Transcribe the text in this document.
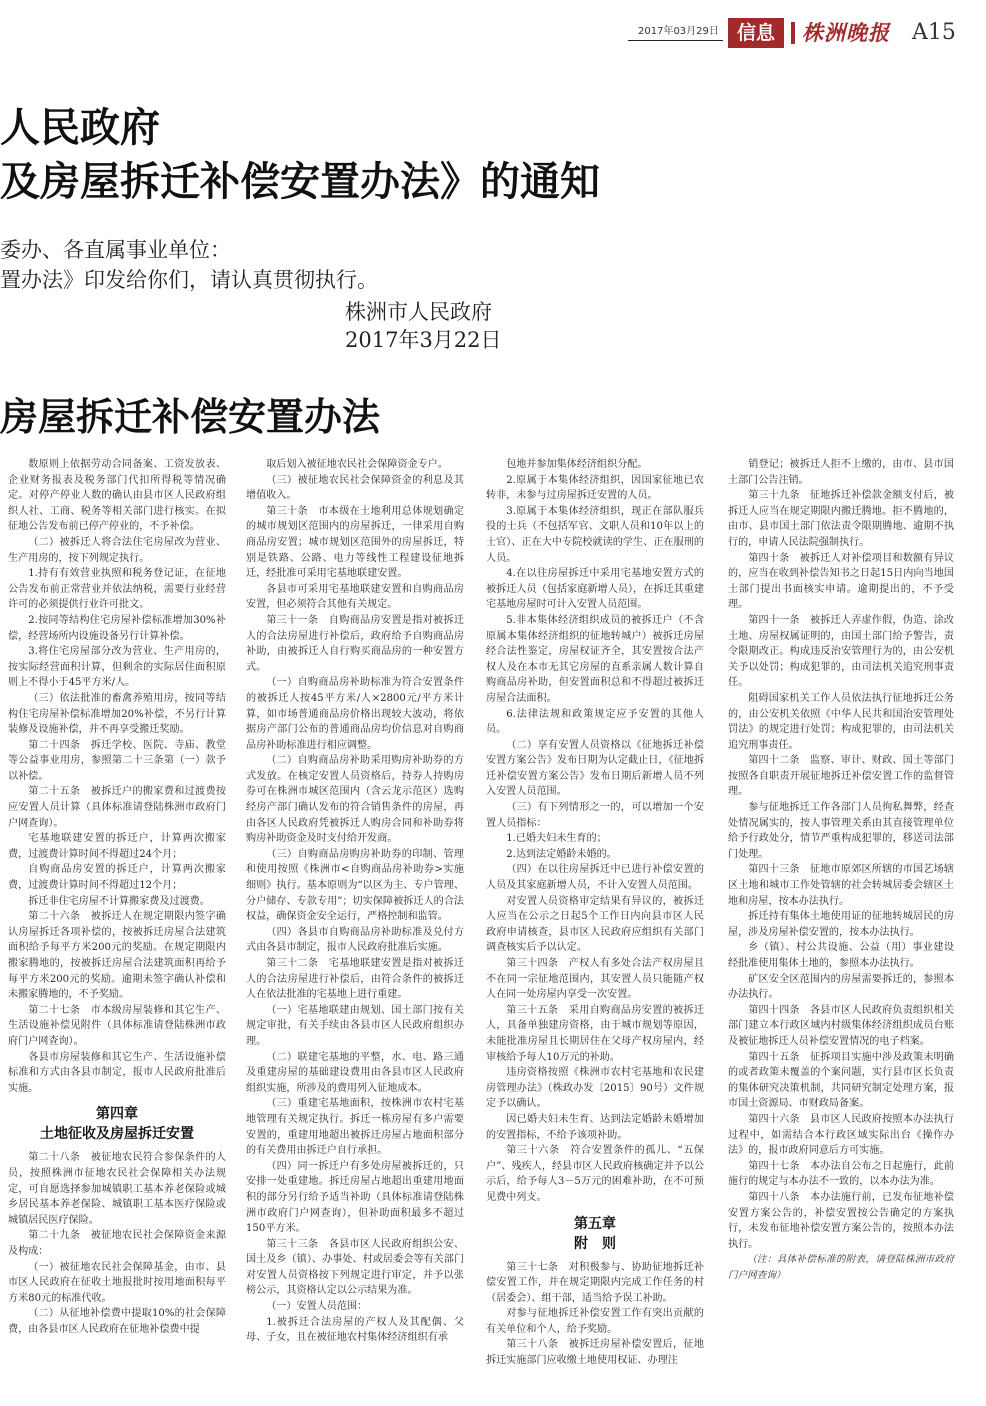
2017年03月29日 信息	株洲晚报 A15
人民政府
及房屋拆迁补偿安置办法》的通知
委办、各直属事业单位：
置办法》印发给你们，请认真贯彻执行。
株洲市人民政府
2017年3月22日
房屋拆迁补偿安置办法

数原则上依据劳动合同备案、工资发放表、企业财务报表及税务部门代扣所得税等情况确定。对停产停业人数的确认由县市区人民政府组织人社、工商、税务等相关部门进行核实。在拟征地公告发布前已停产停业的，不予补偿。

（二）被拆迁人将合法住宅房屋改为营业、生产用房的，按下列规定执行。

1.持有有效营业执照和税务登记证，在征地公告发布前正常营业并依法纳税，需要行业经营许可的必须提供行业许可批文。

2.按同等结构住宅房屋补偿标准增加30%补偿，经营场所内设施设备另行计算补偿。

3.将住宅房屋部分改为营业、生产用房的，按实际经营面积计算，但剩余的实际居住面积原则上不得小于45平方米/人。

（三）依法批准的畜禽养殖用房，按同等结构住宅房屋补偿标准增加20%补偿，不另行计算装修及设施补偿，并不再享受搬迁奖励。

第二十四条　拆迁学校、医院、寺庙、教堂等公益事业用房，参照第二十三条第（一）款予以补偿。

第二十五条　被拆迁户的搬家费和过渡费按应安置人员计算（具体标准请登陆株洲市政府门户网查询）。

宅基地联建安置的拆迁户，计算两次搬家费，过渡费计算时间不得超过24个月；

自购商品房安置的拆迁户，计算两次搬家费，过渡费计算时间不得超过12个月；

拆迁非住宅房屋不计算搬家费及过渡费。

第二十六条　被拆迁人在规定期限内签字确认房屋拆迁各项补偿的，按被拆迁房屋合法建筑面积给予每平方米200元的奖励。在规定期限内搬家腾地的，按被拆迁房屋合法建筑面积再给予每平方米200元的奖励。逾期未签字确认补偿和未搬家腾地的，不予奖励。

第二十七条　市本级房屋装修和其它生产、生活设施补偿见附件（具体标准请登陆株洲市政府门户网查询）。

各县市房屋装修和其它生产、生活设施补偿标准和方式由各县市制定，报市人民政府批准后实施。

第四章
土地征收及房屋拆迁安置

第二十八条　被征地农民符合参保条件的人员，按照株洲市征地农民社会保障相关办法规定，可自愿选择参加城镇职工基本养老保险或城乡居民基本养老保险、城镇职工基本医疗保险或城镇居民医疗保险。

第二十九条　被征地农民社会保障资金来源及构成：

（一）被征地农民社会保障基金，由市、县市区人民政府在征收土地报批时按用地面积每平方米80元的标准代收。

（二）从征地补偿费中提取10%的社会保障费，由各县市区人民政府在征地补偿费中提

取后划入被征地农民社会保障资金专户。

（三）被征地农民社会保障资金的利息及其增值收入。

第三十条　市本级在土地利用总体规划确定的城市规划区范围内的房屋拆迁，一律采用自购商品房安置；城市规划区范围外的房屋拆迁，特别是铁路、公路、电力等线性工程建设征地拆迁，经批准可采用宅基地联建安置。

各县市可采用宅基地联建安置和自购商品房安置，但必须符合其他有关规定。

第三十一条　自购商品房安置是指对被拆迁人的合法房屋进行补偿后，政府给予自购商品房补助，由被拆迁人自行购买商品房的一种安置方式。

（一）自购商品房补助标准为符合安置条件的被拆迁人按45平方米/人×2800元/平方米计算，如市场普通商品房价格出现较大波动，将依据房产部门公布的普通商品房均价信息对自购商品房补助标准进行相应调整。

（二）自购商品房补助采用购房补助券的方式发放。在核定安置人员资格后，持券人持购房券可在株洲市城区范围内（含云龙示范区）选购经房产部门确认发布的符合销售条件的房屋，再由各区人民政府凭被拆迁人购房合同和补助券将购房补助资金及时支付给开发商。

（三）自购商品房购房补助券的印制、管理和使用按照《株洲市<自购商品房补助券>实施细则》执行。基本原则为“以区为主、专户管理、分户储存、专款专用”；切实保障被拆迁人的合法权益，确保资金安全运行，严格控制和监管。

（四）各县市自购商品房补助标准及兑付方式由各县市制定，报市人民政府批准后实施。

第三十二条　宅基地联建安置是指对被拆迁人的合法房屋进行补偿后，由符合条件的被拆迁人在依法批准的宅基地上进行重建。

（一）宅基地联建由规划、国土部门按有关规定审批，有关手续由各县市区人民政府组织办理。

（二）联建宅基地的平整，水、电、路三通及重建房屋的基础建设费用由各县市区人民政府组织实施，所涉及的费用列入征地成本。

（三）重建宅基地面积，按株洲市农村宅基地管理有关规定执行。拆迁一栋房屋有多户需要安置的，重建用地超出被拆迁房屋占地面积部分的有关费用由拆迁户自行承担。

（四）同一拆迁户有多处房屋被拆迁的，只安排一处重建地。拆迁房屋占地超出重建用地面积的部分另行给予适当补助（具体标准请登陆株洲市政府门户网查询），但补助面积最多不超过150平方米。

第三十三条　各县市区人民政府组织公安、国土及乡（镇）、办事处、村或居委会等有关部门对安置人员资格按下列规定进行审定，并予以张榜公示，其资格认定以公示结果为准。

（一）安置人员范围：

1.被拆迁合法房屋的产权人及其配偶、父母、子女，且在被征地农村集体经济组织有承

包地并参加集体经济组织分配。

2.原属于本集体经济组织，因国家征地已农转非，未参与过房屋拆迁安置的人员。

3.原属于本集体经济组织，现正在部队服兵役的士兵（不包括军官、文职人员和10年以上的士官）、正在大中专院校就读的学生、正在服刑的人员。

4.在以往房屋拆迁中采用宅基地安置方式的被拆迁人员（包括家庭新增人员），在拆迁其重建宅基地房屋时可计入安置人员范围。

5.非本集体经济组织成员的被拆迁户（不含原属本集体经济组织的征地转城户）被拆迁房屋经合法性鉴定，房屋权证齐全，其安置按合法产权人及在本市无其它房屋的直系亲属人数计算自购商品房补助，但安置面积总和不得超过被拆迁房屋合法面积。

6.法律法规和政策规定应予安置的其他人员。

（二）享有安置人员资格以《征地拆迁补偿安置方案公告》发布日期为认定截止日，《征地拆迁补偿安置方案公告》发布日期后新增人员不列入安置人员范围。

（三）有下列情形之一的，可以增加一个安置人员指标：

1.已婚夫妇未生育的；

2.达到法定婚龄未婚的。

（四）在以往房屋拆迁中已进行补偿安置的人员及其家庭新增人员，不计入安置人员范围。

对安置人员资格审定结果有异议的，被拆迁人应当在公示之日起5个工作日内向县市区人民政府申请核查，县市区人民政府应组织有关部门调查核实后予以认定。

第三十四条　产权人有多处合法产权房屋且不在同一宗征地范围内，其安置人员只能随产权人在同一处房屋内享受一次安置。

第三十五条　采用自购商品房安置的被拆迁人，具备单独建房资格，由于城市规划等原因，未能批准房屋且长期居住在父母产权房屋内，经审核给予每人10万元的补助。

违房资格按照《株洲市农村宅基地和农民建房管理办法》（株政办发〔2015〕90号）文件规定予以确认。

因已婚夫妇未生育、达到法定婚龄未婚增加的安置指标，不给予该项补助。

第三十六条　符合安置条件的孤儿、“五保户”、残疾人，经县市区人民政府核确定并予以公示后，给予每人3－5万元的困难补助，在不可预见费中列支。

第五章
附　则

第三十七条　对积极参与、协助征地拆迁补偿安置工作，并在规定期限内完成工作任务的村（居委会）、组干部，适当给予误工补助。

对参与征地拆迁补偿安置工作有突出贡献的有关单位和个人，给予奖励。

第三十八条　被拆迁房屋补偿安置后，征地拆迁实施部门应收缴土地使用权证、办理注

销登记；被拆迁人拒不上缴的，由市、县市国土部门公告注销。

第三十九条　征地拆迁补偿款金额支付后，被拆迁人应当在规定期限内搬迁腾地。拒不腾地的，由市、县市国土部门依法责令限期腾地、逾期不执行的，申请人民法院强制执行。

第四十条　被拆迁人对补偿项目和数额有异议的，应当在收到补偿告知书之日起15日内向当地国土部门提出书面核实申请。逾期提出的，不予受理。

第四十一条　被拆迁人弄虚作假，伪造、涂改土地、房屋权属证明的，由国土部门给予警告，责令限期改正。构成违反治安管理行为的，由公安机关予以处罚；构成犯罪的，由司法机关追究刑事责任。

阻碍国家机关工作人员依法执行征地拆迁公务的，由公安机关依照《中华人民共和国治安管理处罚法》的规定进行处罚；构成犯罪的，由司法机关追究刑事责任。

第四十二条　监察、审计、财政、国土等部门按照各自职责开展征地拆迁补偿安置工作的监督管理。

参与征地拆迁工作各部门人员徇私舞弊，经查处情况属实的，按人事管理关系由其直接管理单位给予行政处分，情节严重构成犯罪的，移送司法部门处理。

第四十三条　征地市原郊区所辖的市国艺场辖区土地和城市工作处管辖的社会转城居委会辖区土地和房屋，按本办法执行。

拆迁持有集体土地使用证的征地转城居民的房屋，涉及房屋补偿安置的，按本办法执行。

乡（镇）、村公共设施、公益（用）事业建设经批准使用集体土地的，参照本办法执行。

矿区安全区范围内的房屋需要拆迁的，参照本办法执行。

第四十四条　各县市区人民政府负责组织相关部门建立本行政区域内村级集体经济组织成员台账及被征地拆迁人员补偿安置情况的电子档案。

第四十五条　征拆项目实施中涉及政策未明确的或者政策未覆盖的个案问题，实行县市区长负责的集体研究决策机制，共同研究制定处理方案，报市国土资源局、市财政局备案。

第四十六条　县市区人民政府按照本办法执行过程中，如需结合本行政区域实际出台《操作办法》的，报市政府同意后方可实施。

第四十七条　本办法自公布之日起施行，此前施行的规定与本办法不一致的，以本办法为准。

第四十八条　本办法施行前，已发布征地补偿安置方案公告的，补偿安置按公告确定的方案执行，未发布征地补偿安置方案公告的，按照本办法执行。

（注：具体补偿标准的附表，请登陆株洲市政府门户网查询）
